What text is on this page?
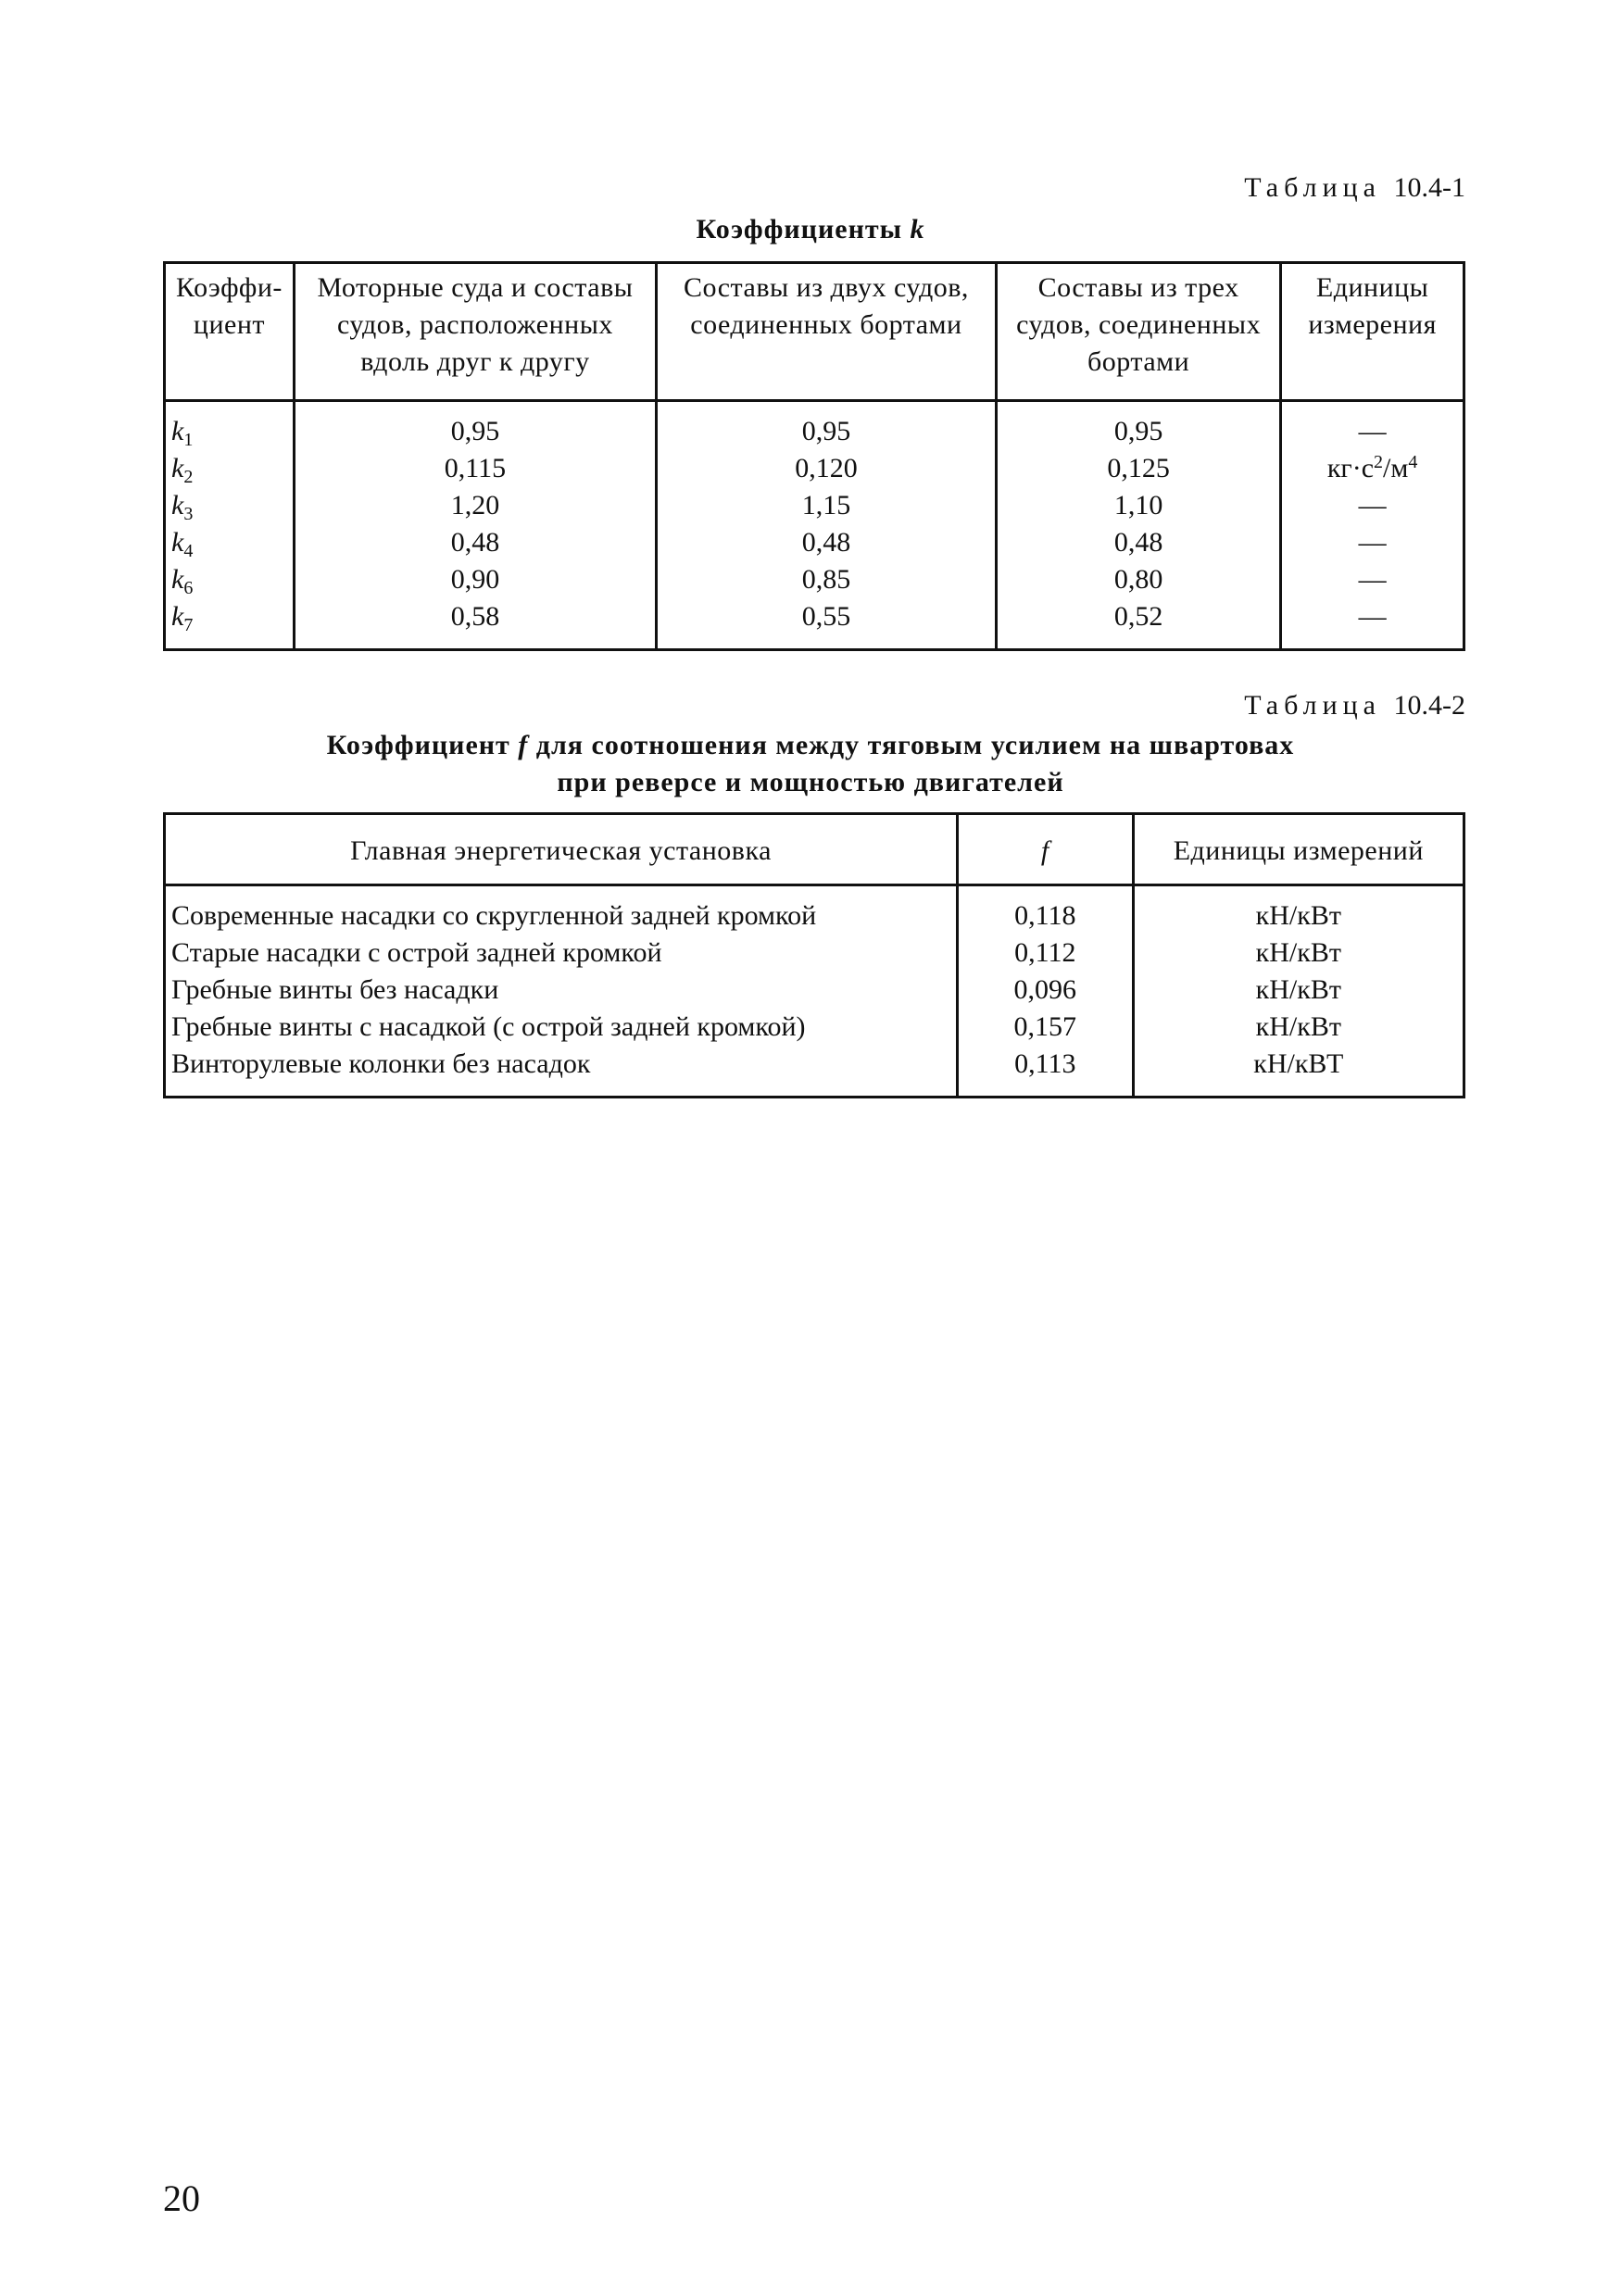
Таблица 10.4-1
Коэффициенты k
Коэффи-
циент	Моторные суда и составы
судов, расположенных
вдоль друг к другу	Составы из двух судов,
соединенных бортами	Составы из трех
судов, соединенных
бортами	Единицы
измерения
$k_1$	0,95	0,95	0,95	—
$k_2$	0,115	0,120	0,125	$кг\cdot с^2/м^4$
$k_3$	1,20	1,15	1,10	—
$k_4$	0,48	0,48	0,48	—
$k_6$	0,90	0,85	0,80	—
$k_7$	0,58	0,55	0,52	—
Таблица 10.4-2
Коэффициент f для соотношения между тяговым усилием на швартовах
при реверсе и мощностью двигателей
Главная энергетическая установка	f	Единицы измерений
Современные насадки со скругленной задней кромкой	0,118	кН/кВт
Старые насадки с острой задней кромкой	0,112	кН/кВт
Гребные винты без насадки	0,096	кН/кВт
Гребные винты с насадкой (с острой задней кромкой)	0,157	кН/кВт
Винторулевые колонки без насадок	0,113	кН/кВТ
20
